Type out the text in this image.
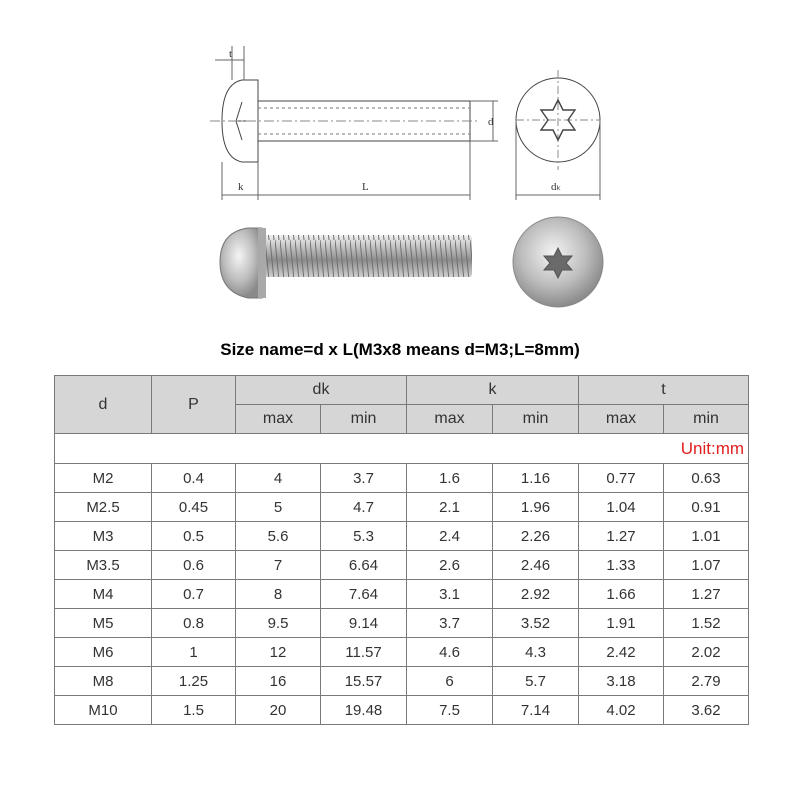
t
d
k	L	dₖ
Size name=d x L(M3x8 means d=M3;L=8mm)
d	P	dk		k		t	
		max	min	max	min	max	min
Unit:mm							
M2	0.4	4	3.7	1.6	1.16	0.77	0.63
M2.5	0.45	5	4.7	2.1	1.96	1.04	0.91
M3	0.5	5.6	5.3	2.4	2.26	1.27	1.01
M3.5	0.6	7	6.64	2.6	2.46	1.33	1.07
M4	0.7	8	7.64	3.1	2.92	1.66	1.27
M5	0.8	9.5	9.14	3.7	3.52	1.91	1.52
M6	1	12	11.57	4.6	4.3	2.42	2.02
M8	1.25	16	15.57	6	5.7	3.18	2.79
M10	1.5	20	19.48	7.5	7.14	4.02	3.62
